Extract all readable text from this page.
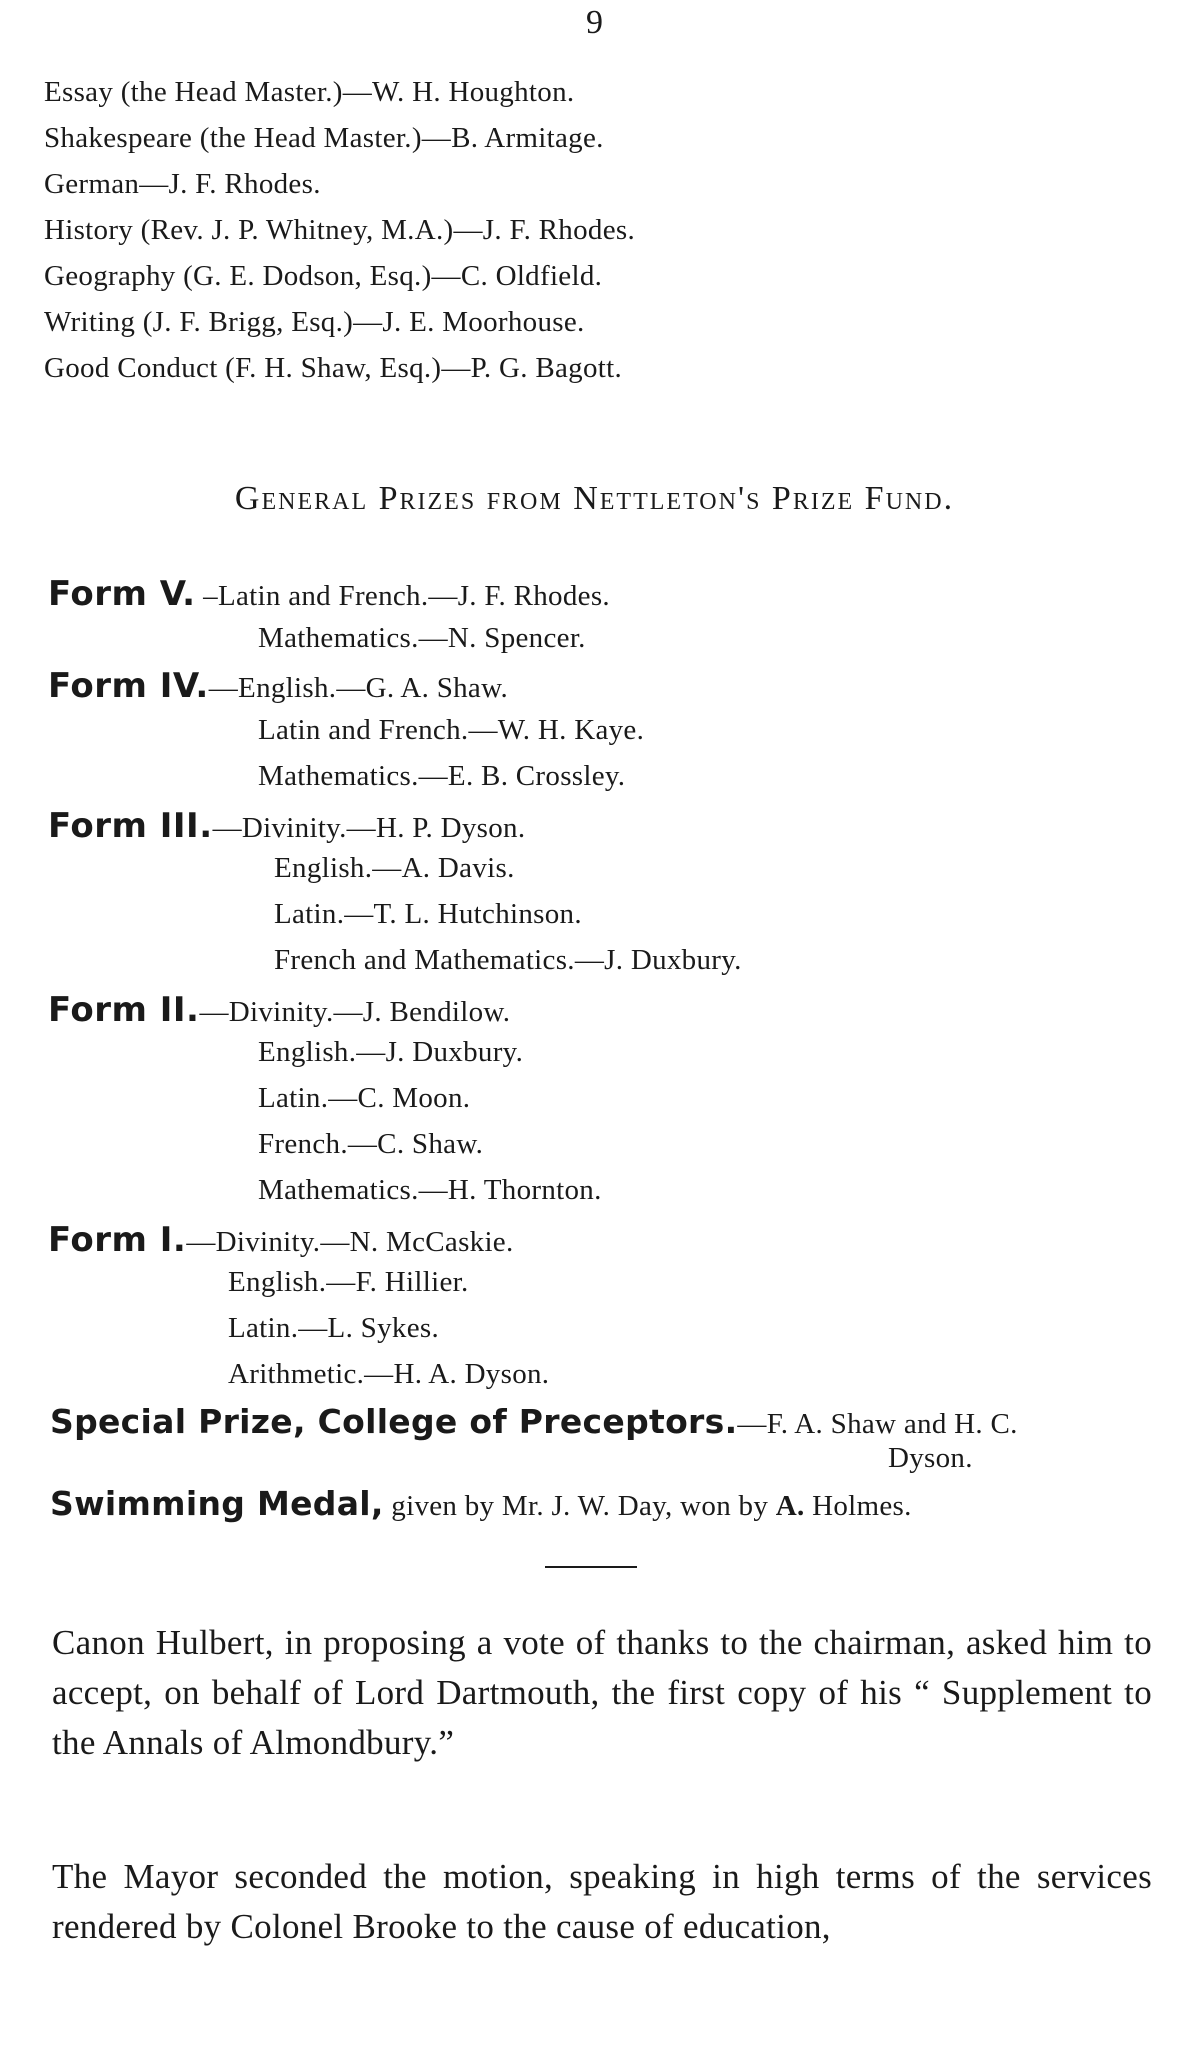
9
Essay (the Head Master.)—W. H. Houghton.
Shakespeare (the Head Master.)—B. Armitage.
German—J. F. Rhodes.
History (Rev. J. P. Whitney, M.A.)—J. F. Rhodes.
Geography (G. E. Dodson, Esq.)—C. Oldfield.
Writing (J. F. Brigg, Esq.)—J. E. Moorhouse.
Good Conduct (F. H. Shaw, Esq.)—P. G. Bagott.
General Prizes from Nettleton's Prize Fund.
Form V. –Latin and French.—J. F. Rhodes.
Mathematics.—N. Spencer.
Form IV.—English.—G. A. Shaw.
Latin and French.—W. H. Kaye.
Mathematics.—E. B. Crossley.
Form III.—Divinity.—H. P. Dyson.
English.—A. Davis.
Latin.—T. L. Hutchinson.
French and Mathematics.—J. Duxbury.
Form II.—Divinity.—J. Bendilow.
English.—J. Duxbury.
Latin.—C. Moon.
French.—C. Shaw.
Mathematics.—H. Thornton.
Form I.—Divinity.—N. McCaskie.
English.—F. Hillier.
Latin.—L. Sykes.
Arithmetic.—H. A. Dyson.
Special Prize, College of Preceptors.—F. A. Shaw and H. C.
Dyson.
Swimming Medal, given by Mr. J. W. Day, won by A. Holmes.
Canon Hulbert, in proposing a vote of thanks to the chairman, asked him to accept, on behalf of Lord Dartmouth, the first copy of his “ Supplement to the Annals of Almondbury.”
The Mayor seconded the motion, speaking in high terms of the services rendered by Colonel Brooke to the cause of education,
